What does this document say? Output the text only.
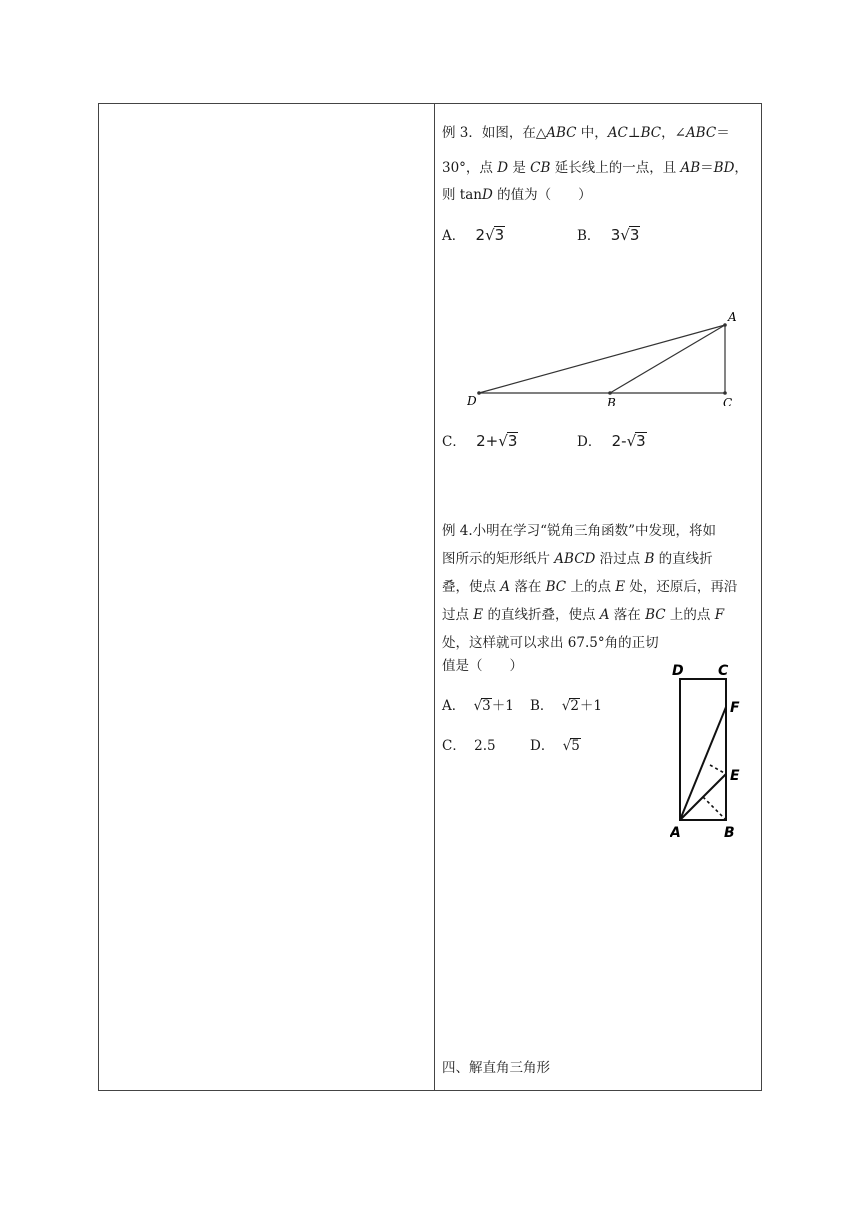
例 3．如图，在△ABC 中，AC⊥BC，∠ABC＝
30°，点 D 是 CB 延长线上的一点，且 AB＝BD，
则 tanD 的值为（　　）
A． 2√3	B． 3√3
A
B	C
D
C． 2+√3	D． 2-√3
例 4.小明在学习“锐角三角函数”中发现，将如
图所示的矩形纸片 ABCD 沿过点 B 的直线折
叠，使点 A 落在 BC 上的点 E 处，还原后，再沿
过点 E 的直线折叠，使点 A 落在 BC 上的点 F
处，这样就可以求出 67.5°角的正切
值是（　　）
A． √3＋1 B． √2＋1
C． 2.5	D． √5
D C
F
E
A	B
四、解直角三角形
